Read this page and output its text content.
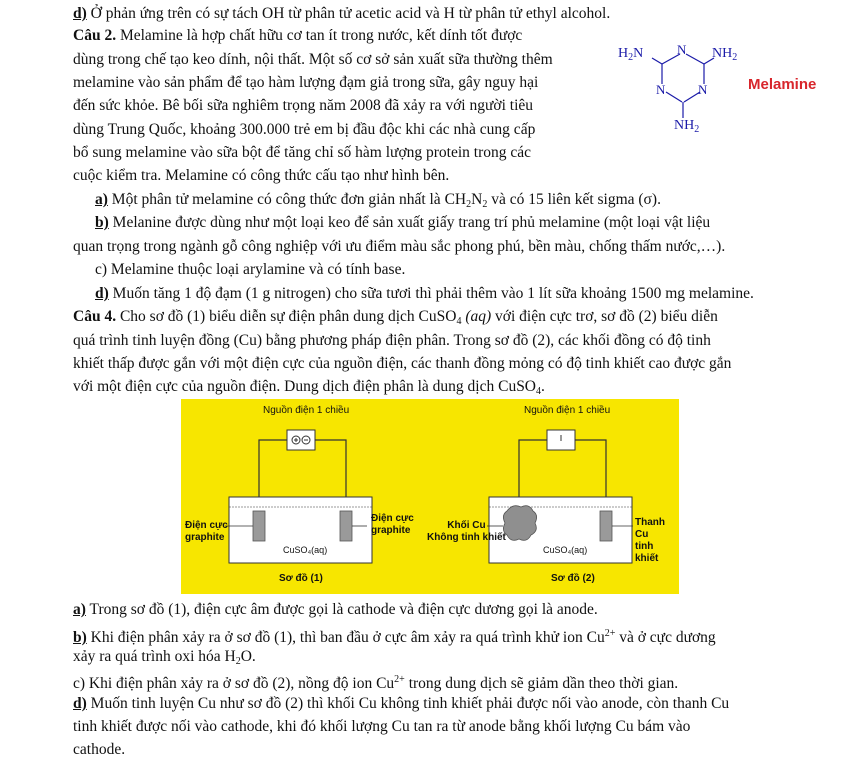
d) Ở phản ứng trên có sự tách OH từ phân tử acetic acid và H từ phân tử ethyl alcohol.
Câu 2. Melamine là hợp chất hữu cơ tan ít trong nước, kết dính tốt được
dùng trong chế tạo keo dính, nội thất. Một số cơ sở sản xuất sữa thường thêm
melamine vào sản phẩm để tạo hàm lượng đạm giả trong sữa, gây nguy hại
đến sức khỏe. Bê bối sữa nghiêm trọng năm 2008 đã xảy ra với người tiêu
dùng Trung Quốc, khoảng 300.000 trẻ em bị đầu độc khi các nhà cung cấp
bổ sung melamine vào sữa bột để tăng chỉ số hàm lượng protein trong các
cuộc kiểm tra. Melamine có công thức cấu tạo như hình bên.
$H_2N$	N $NH_2$
N	N
$NH_2$
Melamine
a) Một phân tử melamine có công thức đơn giản nhất là $CH_2N_2$ và có 15 liên kết sigma (σ).
b) Melanine được dùng như một loại keo để sản xuất giấy trang trí phủ melamine (một loại vật liệu
quan trọng trong ngành gỗ công nghiệp với ưu điểm màu sắc phong phú, bền màu, chống thấm nước,…).
c) Melamine thuộc loại arylamine và có tính base.
d) Muốn tăng 1 độ đạm (1 g nitrogen) cho sữa tươi thì phải thêm vào 1 lít sữa khoảng 1500 mg melamine.
Câu 4. Cho sơ đồ (1) biểu diễn sự điện phân dung dịch CuSO$_4$ (aq) với điện cực trơ, sơ đồ (2) biểu diễn
quá trình tinh luyện đồng (Cu) bằng phương pháp điện phân. Trong sơ đồ (2), các khối đồng có độ tinh
khiết thấp được gắn với một điện cực của nguồn điện, các thanh đồng mỏng có độ tinh khiết cao được gắn
với một điện cực của nguồn điện. Dung dịch điện phân là dung dịch CuSO$_4$.
Nguồn điện 1 chiều
Điện cực
graphite
Điện cực
graphite
CuSO₄(aq)
Sơ đồ (1)
Nguồn điện 1 chiều
Khối Cu
Không tinh khiết
Thanh Cu
tinh khiết
CuSO₄(aq)
Sơ đồ (2)
a) Trong sơ đồ (1), điện cực âm được gọi là cathode và điện cực dương gọi là anode.
b) Khi điện phân xảy ra ở sơ đồ (1), thì ban đầu ở cực âm xảy ra quá trình khử ion $Cu^{2+}$ và ở cực dương
xảy ra quá trình oxi hóa $H_2O$.
c) Khi điện phân xảy ra ở sơ đồ (2), nồng độ ion $Cu^{2+}$ trong dung dịch sẽ giảm dần theo thời gian.
d) Muốn tinh luyện Cu như sơ đồ (2) thì khối Cu không tinh khiết phải được nối vào anode, còn thanh Cu
tinh khiết được nối vào cathode, khi đó khối lượng Cu tan ra từ anode bằng khối lượng Cu bám vào
cathode.
